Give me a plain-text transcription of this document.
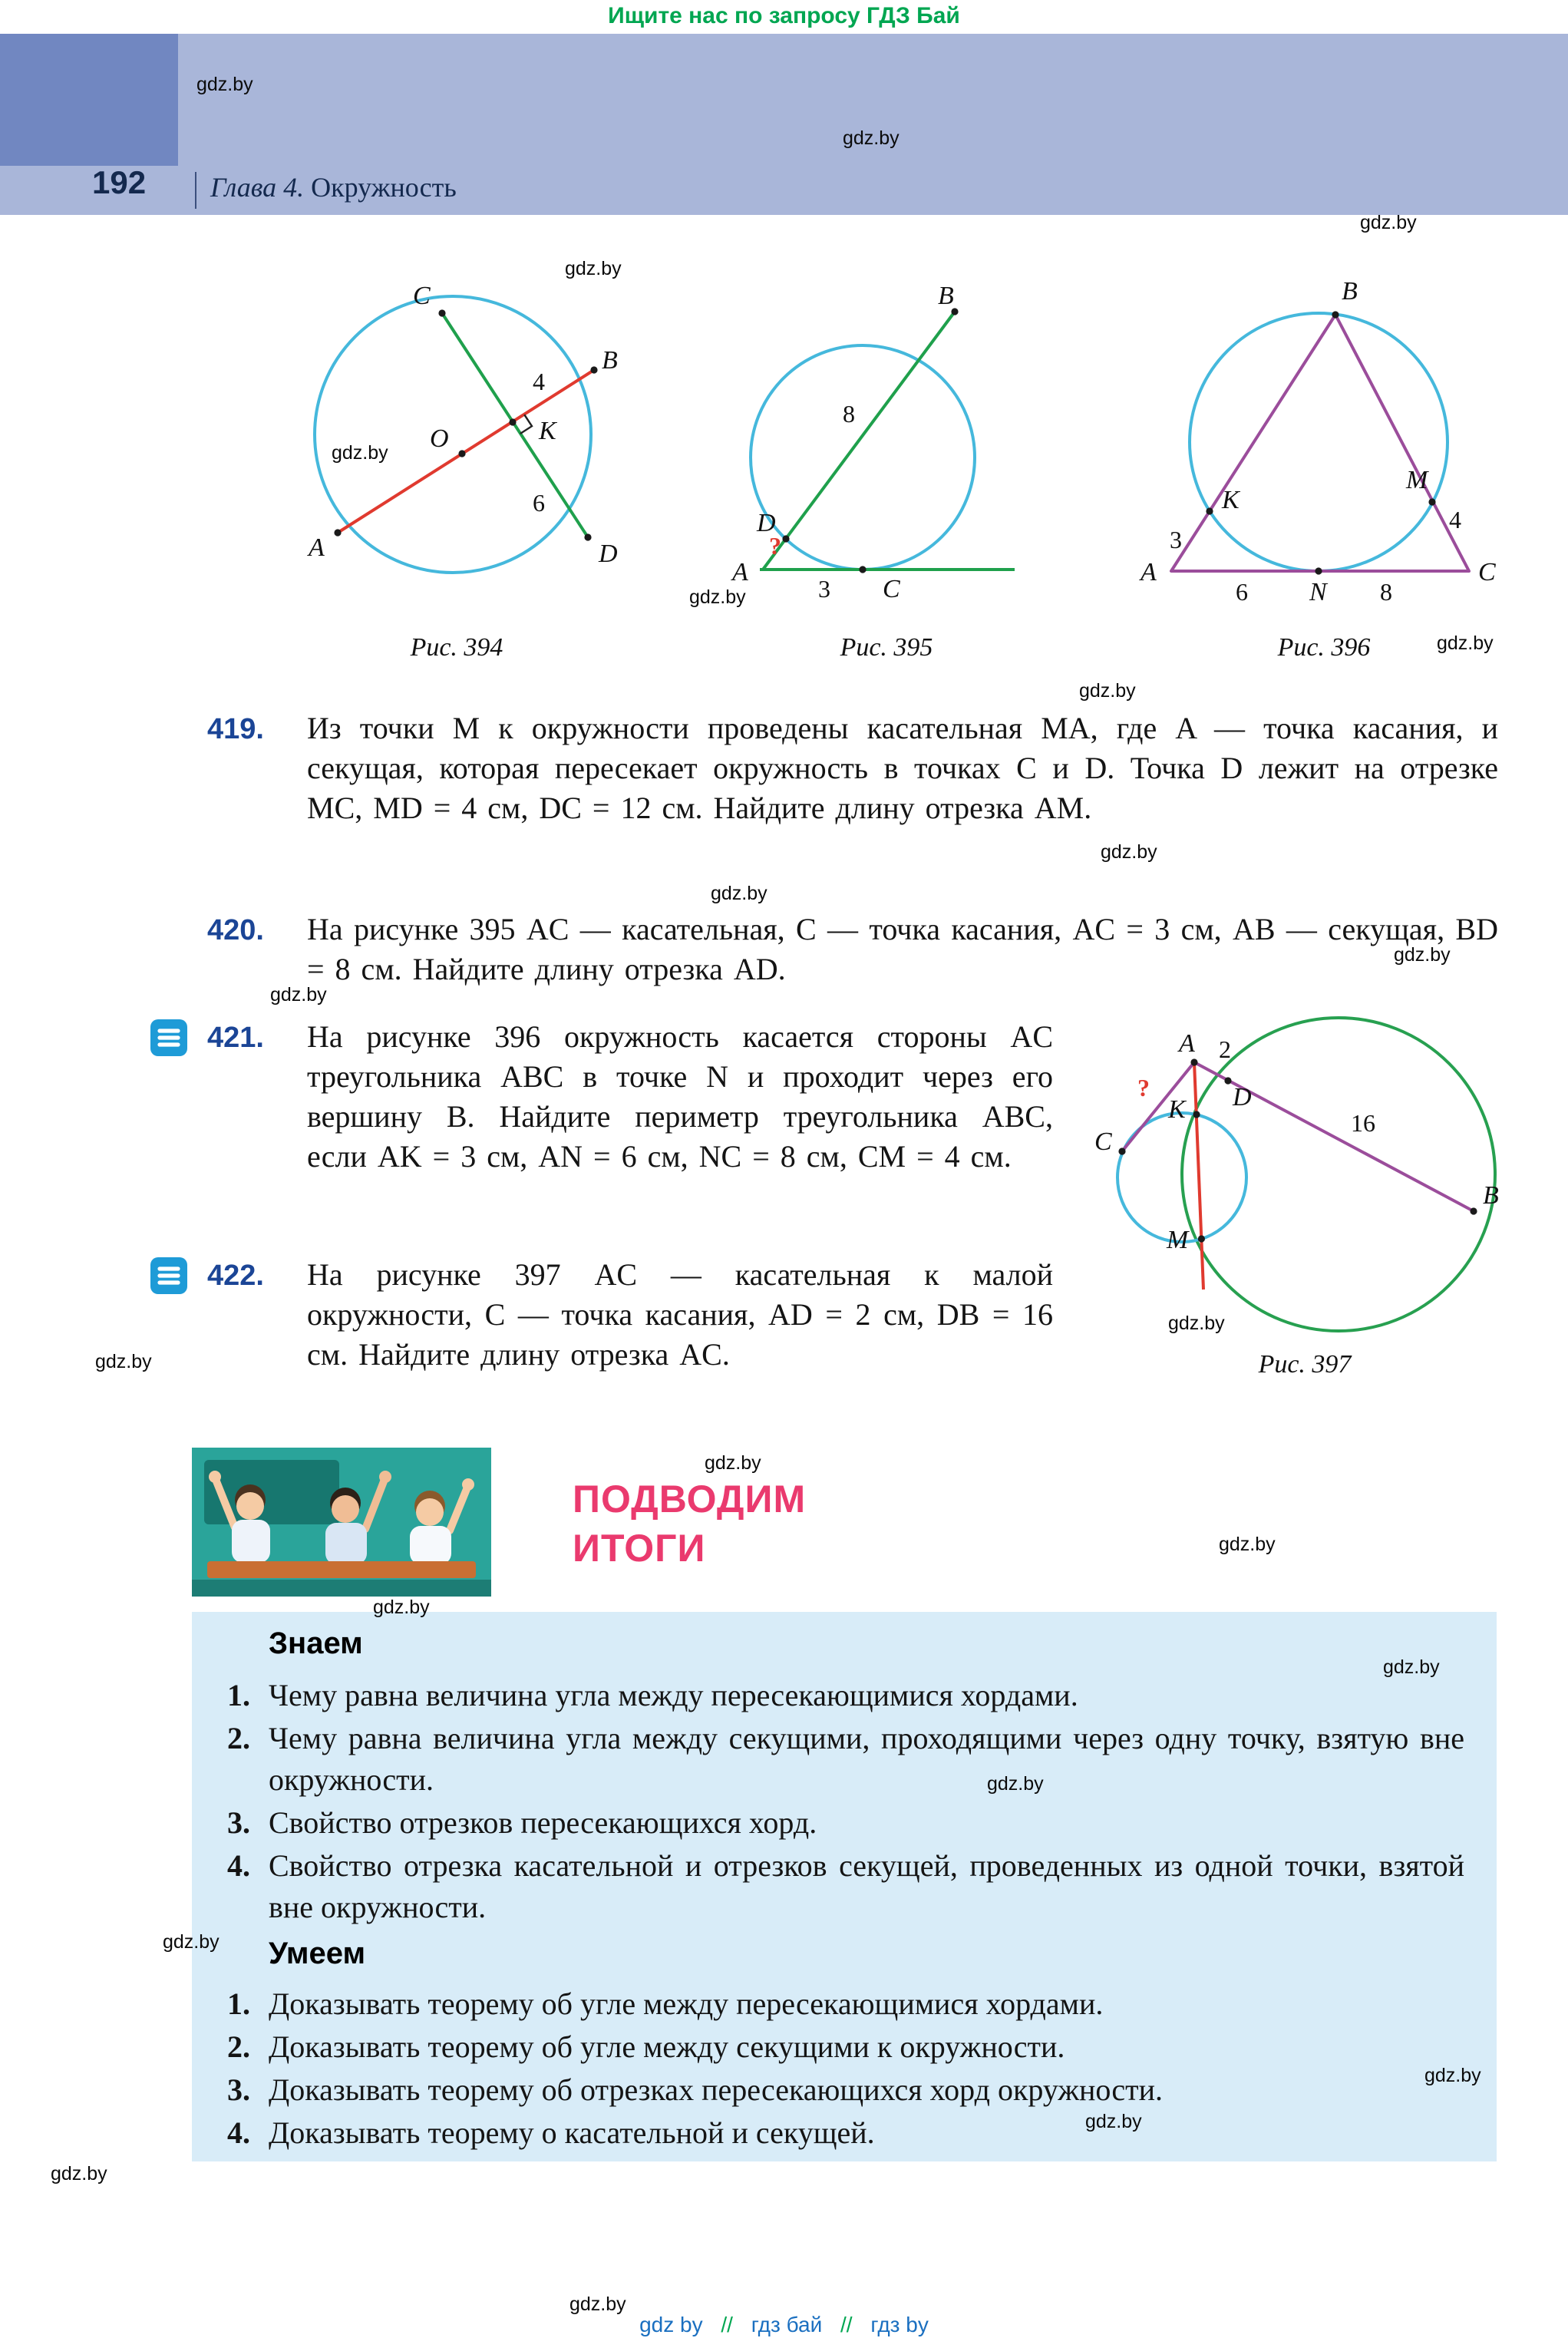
Ищите нас по запросу ГДЗ Бай
192	Глава 4. Окружность
C
B
A	D
O	K
4
6
Рис. 394
A
B
C
D
8
3
?
Рис. 395
A
B
C
K
M
N
3
4
6	8
Рис. 396
419.	Из точки M к окружности проведены касательная MA, где A — точка касания, и секущая, которая пересекает окружность в точках C и D. Точка D лежит на отрезке MC, MD = 4 см, DC = 12 см. Найдите длину отрезка AM.
420.	На рисунке 395 AC — касательная, C — точка касания, AC = 3 см, AB — секущая, BD = 8 см. Найдите длину отрезка AD.
421.	На рисунке 396 окружность касается стороны AC треугольника ABC в точке N и проходит через его вершину B. Найдите периметр треугольника ABC, если AK = 3 см, AN = 6 см, NC = 8 см, CM = 4 см.
422.	На рисунке 397 AC — касательная к малой окружности, C — точка касания, AD = 2 см, DB = 16 см. Найдите длину отрезка AC.
A
B
C
D
K
M
2
16
?
Рис. 397
ПОДВОДИМ
ИТОГИ
Знаем
1.	Чему равна величина угла между пересекающимися хордами.
2.	Чему равна величина угла между секущими, проходящими через одну точку, взятую вне окружности.
3.	Свойство отрезков пересекающихся хорд.
4.	Свойство отрезка касательной и отрезков секущей, проведенных из одной точки, взятой вне окружности.
Умеем
1.	Доказывать теорему об угле между пересекающимися хордами.
2.	Доказывать теорему об угле между секущими к окружности.
3.	Доказывать теорему об отрезках пересекающихся хорд окружности.
4.	Доказывать теорему о касательной и секущей.
gdz by // гдз бай // гдз by
gdz.by
gdz.by
gdz.by
gdz.by
gdz.by
gdz.by
gdz.by
gdz.by
gdz.by
gdz.by
gdz.by
gdz.by
gdz.by
gdz.by
gdz.by
gdz.by
gdz.by
gdz.by
gdz.by
gdz.by
gdz.by
gdz.by
gdz.by
gdz.by
